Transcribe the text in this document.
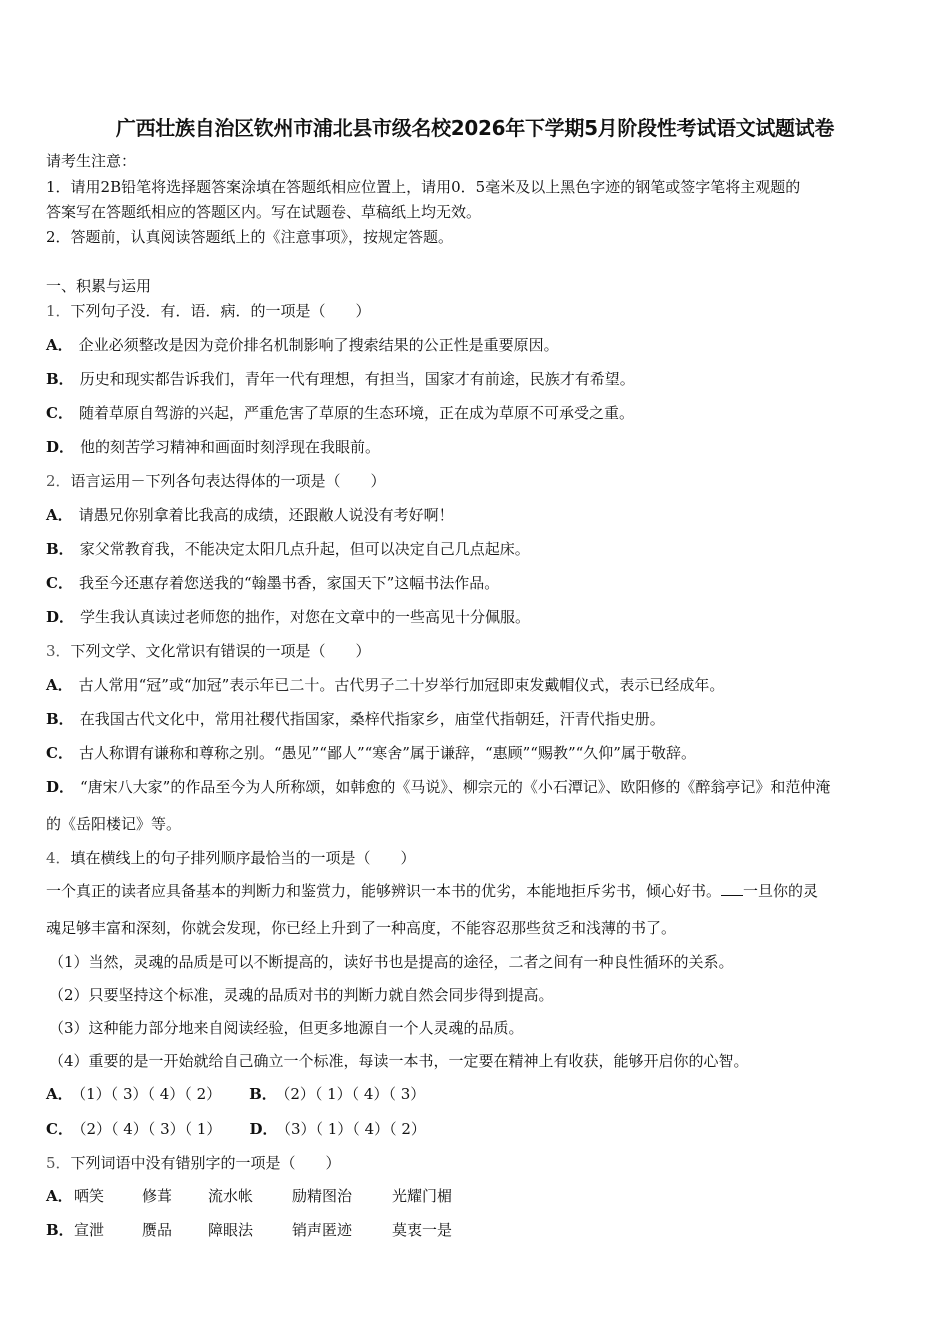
广西壮族自治区钦州市浦北县市级名校2026年下学期5月阶段性考试语文试题试卷
请考生注意：
1．请用2B铅笔将选择题答案涂填在答题纸相应位置上，请用0．5毫米及以上黑色字迹的钢笔或签字笔将主观题的
答案写在答题纸相应的答题区内。写在试题卷、草稿纸上均无效。
2．答题前，认真阅读答题纸上的《注意事项》，按规定答题。
一、积累与运用
1．下列句子没．有．语．病．的一项是（　　）
A． 企业必须整改是因为竞价排名机制影响了搜索结果的公正性是重要原因。
B． 历史和现实都告诉我们，青年一代有理想，有担当，国家才有前途，民族才有希望。
C． 随着草原自驾游的兴起，严重危害了草原的生态环境，正在成为草原不可承受之重。
D． 他的刻苦学习精神和画面时刻浮现在我眼前。
2．语言运用－下列各句表达得体的一项是（　　）
A． 请愚兄你别拿着比我高的成绩，还跟敝人说没有考好啊！
B． 家父常教育我，不能决定太阳几点升起，但可以决定自己几点起床。
C． 我至今还惠存着您送我的“翰墨书香，家国天下”这幅书法作品。
D． 学生我认真读过老师您的拙作，对您在文章中的一些高见十分佩服。
3．下列文学、文化常识有错误的一项是（　　）
A． 古人常用“冠”或“加冠”表示年已二十。古代男子二十岁举行加冠即束发戴帽仪式，表示已经成年。
B． 在我国古代文化中，常用社稷代指国家，桑梓代指家乡，庙堂代指朝廷，汗青代指史册。
C． 古人称谓有谦称和尊称之别。“愚见”“鄙人”“寒舍”属于谦辞，“惠顾”“赐教”“久仰”属于敬辞。
D． “唐宋八大家”的作品至今为人所称颂，如韩愈的《马说》、柳宗元的《小石潭记》、欧阳修的《醉翁亭记》和范仲淹
的《岳阳楼记》等。
4．填在横线上的句子排列顺序最恰当的一项是（　　）
一个真正的读者应具备基本的判断力和鉴赏力，能够辨识一本书的优劣，本能地拒斥劣书，倾心好书。 一旦你的灵
魂足够丰富和深刻，你就会发现，你已经上升到了一种高度，不能容忍那些贫乏和浅薄的书了。
（1）当然，灵魂的品质是可以不断提高的，读好书也是提高的途径，二者之间有一种良性循环的关系。
（2）只要坚持这个标准，灵魂的品质对书的判断力就自然会同步得到提高。
（3）这种能力部分地来自阅读经验，但更多地源自一个人灵魂的品质。
（4）重要的是一开始就给自己确立一个标准，每读一本书，一定要在精神上有收获，能够开启你的心智。
A． （1）（ 3）（ 4）（ 2） B． （2）（ 1）（ 4）（ 3）
C． （2）（ 4）（ 3）（ 1） D． （3）（ 1）（ 4）（ 2）
5．下列词语中没有错别字的一项是（　　）
A． 哂笑	修葺 流水帐	励精图治	光耀门楣
B． 宣泄	赝品 障眼法	销声匿迹	莫衷一是
